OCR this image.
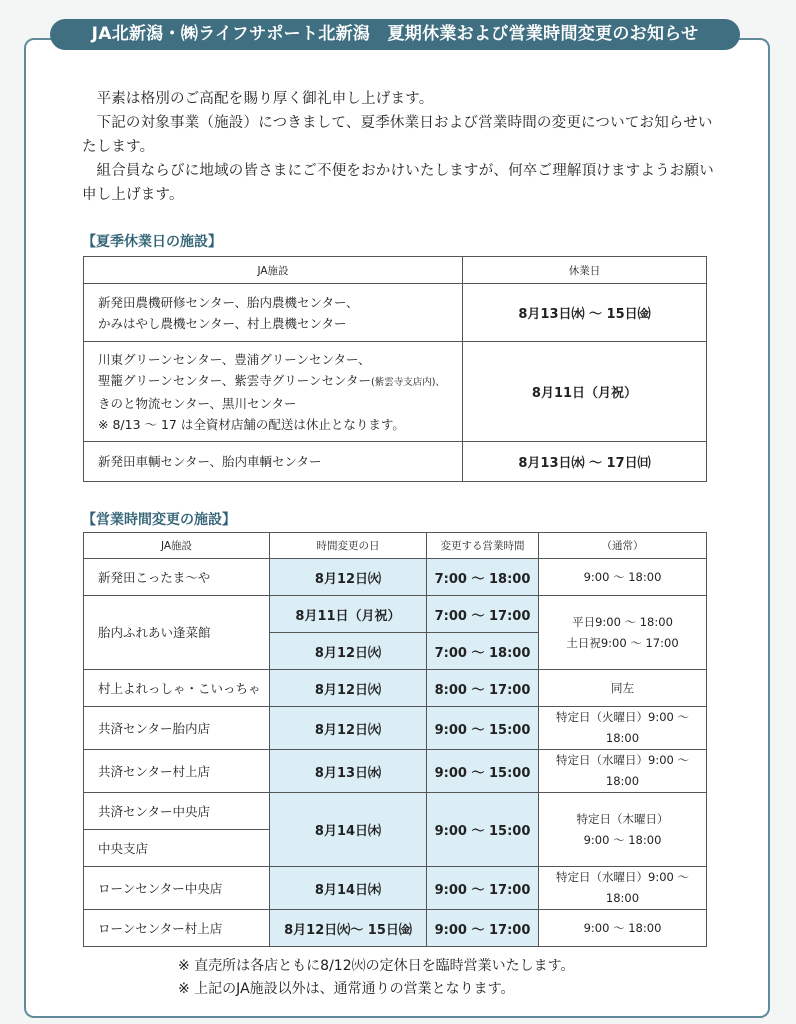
JA北新潟・㈱ライフサポート北新潟　夏期休業および営業時間変更のお知らせ

平素は格別のご高配を賜り厚く御礼申し上げます。

下記の対象事業（施設）につきまして、夏季休業日および営業時間の変更についてお知らせいたします。

組合員ならびに地域の皆さまにご不便をおかけいたしますが、何卒ご理解頂けますようお願い申し上げます。

【夏季休業日の施設】
JA施設	休業日

新発田農機研修センター、胎内農機センター、
かみはやし農機センター、村上農機センター	8月13日㈬ 〜 15日㈮

川東グリーンセンター、豊浦グリーンセンター、
聖籠グリーンセンター、紫雲寺グリーンセンター(紫雲寺支店内)、
きのと物流センター、黒川センター
※ 8/13 〜 17 は全資材店舗の配送は休止となります。	8月11日（月祝）
新発田車輌センター、胎内車輌センター	8月13日㈬ 〜 17日㈰
【営業時間変更の施設】
JA施設	時間変更の日	変更する営業時間	（通常）
新発田こったま〜や	8月12日㈫	7:00 〜 18:00	9:00 〜 18:00
胎内ふれあい逢菜館	8月11日（月祝）	7:00 〜 17:00	平日9:00 〜 18:00
土日祝9:00 〜 17:00

	8月12日㈫	7:00 〜 18:00	
村上よれっしゃ・こいっちゃ	8月12日㈫	8:00 〜 17:00	同左
共済センター胎内店	8月12日㈫	9:00 〜 15:00	特定日（火曜日）9:00 〜 18:00
共済センター村上店	8月13日㈬	9:00 〜 15:00	特定日（水曜日）9:00 〜 18:00
共済センター中央店	8月14日㈭	9:00 〜 15:00	特定日（木曜日）
9:00 〜 18:00

中央支店			
ローンセンター中央店	8月14日㈭	9:00 〜 17:00	特定日（水曜日）9:00 〜 18:00
ローンセンター村上店	8月12日㈫〜 15日㈮	9:00 〜 17:00	9:00 〜 18:00
※ 直売所は各店ともに8/12㈫の定休日を臨時営業いたします。
※ 上記のJA施設以外は、通常通りの営業となります。
